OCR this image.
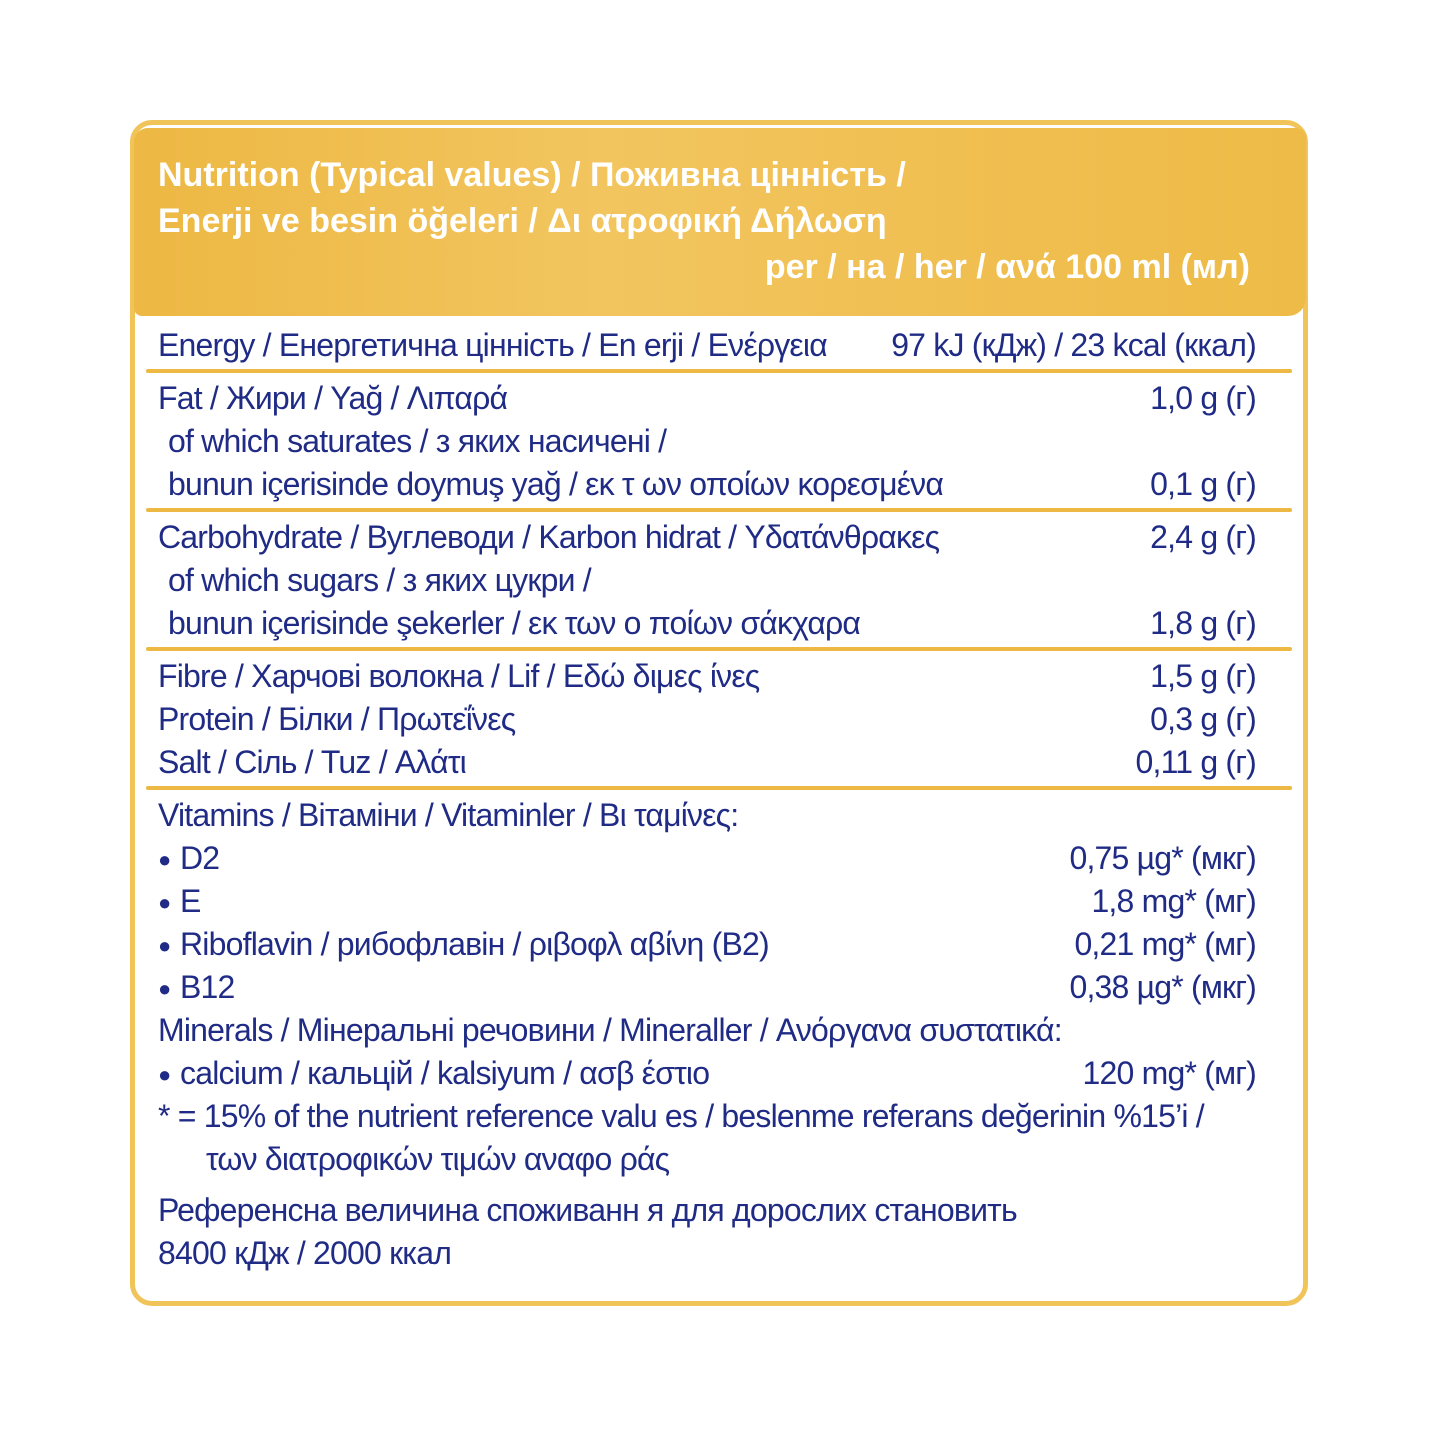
Nutrition (Typical values) / Поживна цінність /
Enerji ve besin öğeleri / Δι ατροφική Δήλωση
per / на / her / ανά 100 ml (мл)
Energy / Енергетична цінність / En erji / Ενέργεια 97 kJ (кДж) / 23 kcal (ккал)
Fat / Жири / Yağ / Λιπαρά	1,0 g (г)
of which saturates / з яких насичені /
bunun içerisinde doymuş yağ / εκ τ ων οποίων κορεσμένα	0,1 g (г)
Carbohydrate / Вуглеводи / Karbon hidrat / Υδατάνθρακες	2,4 g (г)
of which sugars / з яких цукри /
bunun içerisinde şekerler / εκ των ο ποίων σάκχαρα	1,8 g (г)
Fibre / Харчові волокна / Lif / Εδώ διμες ίνες	1,5 g (г)
Protein / Білки / Πρωτεΐνες	0,3 g (г)
Salt / Сіль / Tuz / Αλάτι	0,11 g (г)
Vitamins / Вітаміни / Vitaminler / Βι ταμίνες:
● D2	0,75 µg* (мкг)
● E	1,8 mg* (мг)
● Riboflavin / рибофлавін / ριβοφλ αβίνη (B2)	0,21 mg* (мг)
● B12	0,38 µg* (мкг)
Minerals / Мінеральні речовини / Mineraller / Ανόργανα συστατικά:
● calcium / кальцій / kalsiyum / ασβ έστιο	120 mg* (мг)
* = 15% of the nutrient reference valu es / beslenme referans değerinin %15’i /
των διατροφικών τιμών αναφο ράς
Референсна величина споживанн я для дорослих становить
8400 кДж / 2000 ккал
